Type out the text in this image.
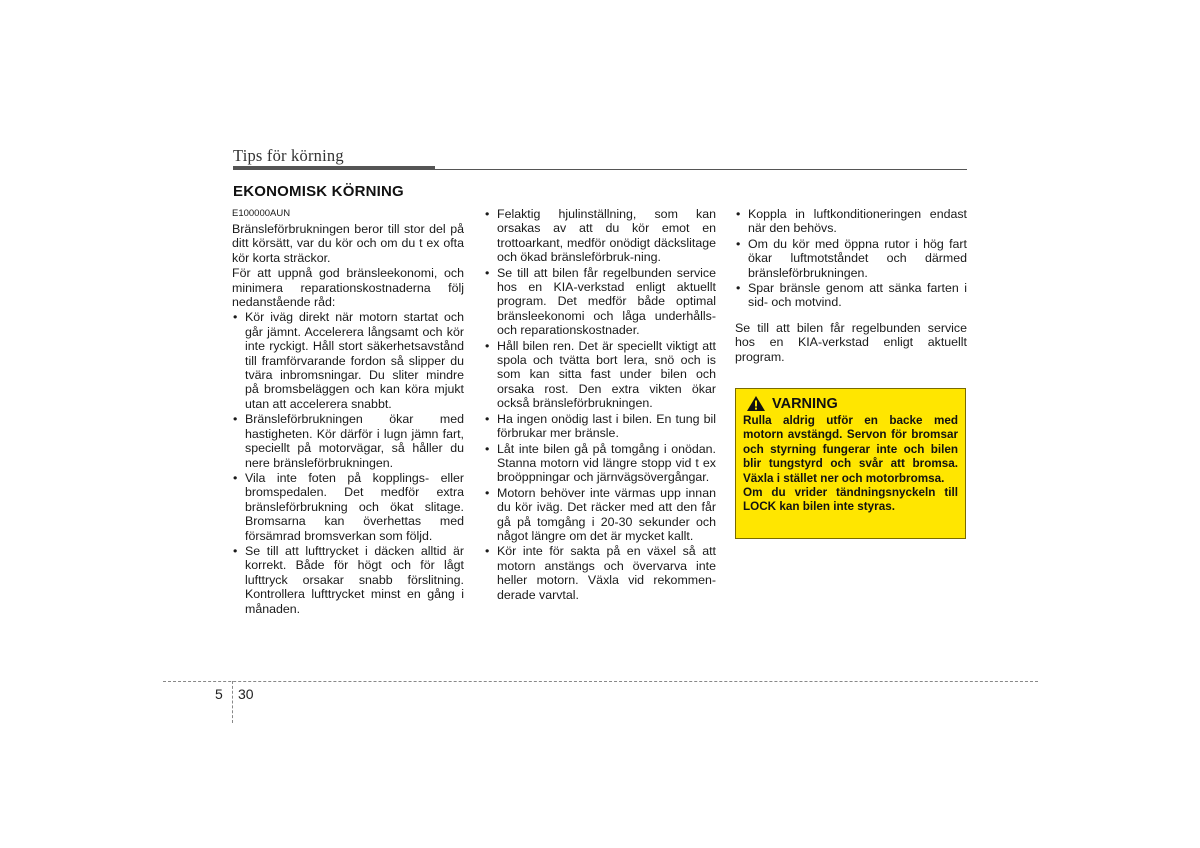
Tips för körning
EKONOMISK KÖRNING

E100000AUN

Bränsleförbrukningen beror till stor del på ditt körsätt, var du kör och om du t ex ofta kör korta sträckor.

För att uppnå god bränsleekonomi, och minimera reparationskostnaderna följ nedanstående råd:

• Kör iväg direkt när motorn startat och går jämnt. Accelerera långsamt och kör inte ryckigt. Håll stort säkerhetsavstånd till framförvarande fordon så slipper du tvära inbromsningar. Du sliter mindre på bromsbeläggen och kan köra mjukt utan att accelerera snabbt.
• Bränsleförbrukningen ökar med hastigheten. Kör därför i lugn jämn fart, speciellt på motorvägar, så håller du nere bränsleförbrukningen.
• Vila inte foten på kopplings- eller bromspedalen. Det medför extra bränsleförbrukning och ökat slitage. Bromsarna kan överhettas med försämrad bromsverkan som följd.
• Se till att lufttrycket i däcken alltid är korrekt. Både för högt och för lågt lufttryck orsakar snabb förslitning. Kontrollera lufttrycket minst en gång i månaden.
• Felaktig hjulinställning, som kan orsakas av att du kör emot en trottoarkant, medför onödigt däckslitage och ökad bränsleförbruk-ning.
• Se till att bilen får regelbunden service hos en KIA-verkstad enligt aktuellt program. Det medför både optimal bränsleekonomi och låga underhålls- och reparationskostnader.
• Håll bilen ren. Det är speciellt viktigt att spola och tvätta bort lera, snö och is som kan sitta fast under bilen och orsaka rost. Den extra vikten ökar också bränsleförbrukningen.
• Ha ingen onödig last i bilen. En tung bil förbrukar mer bränsle.
• Låt inte bilen gå på tomgång i onödan. Stanna motorn vid längre stopp vid t ex broöppningar och järnvägsövergångar.
• Motorn behöver inte värmas upp innan du kör iväg. Det räcker med att den får gå på tomgång i 20-30 sekunder och något längre om det är mycket kallt.
• Kör inte för sakta på en växel så att motorn anstängs och övervarva inte heller motorn. Växla vid rekommen-derade varvtal.
• Koppla in luftkonditioneringen endast när den behövs.
• Om du kör med öppna rutor i hög fart ökar luftmotståndet och därmed bränsleförbrukningen.
• Spar bränsle genom att sänka farten i sid- och motvind.

Se till att bilen får regelbunden service hos en KIA-verkstad enligt aktuellt program.

VARNING

Rulla aldrig utför en backe med motorn avstängd. Servon för bromsar och styrning fungerar inte och bilen blir tungstyrd och svår att bromsa. Växla i stället ner och motorbromsa.

Om du vrider tändningsnyckeln till LOCK kan bilen inte styras.

5 30
